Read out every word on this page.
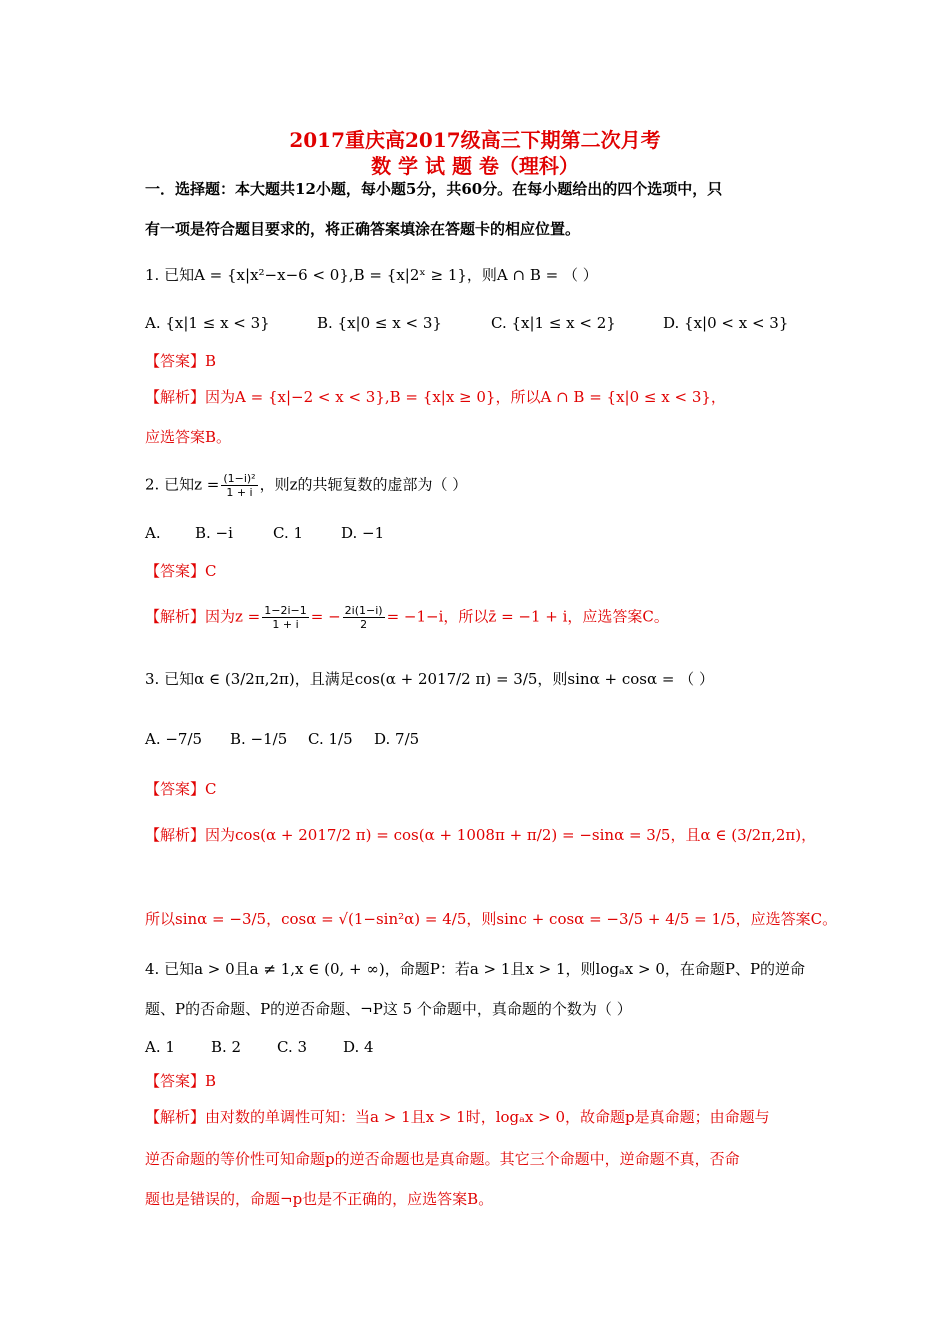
2017重庆高2017级高三下期第二次月考
数 学 试 题 卷（理科）
一．选择题：本大题共12小题，每小题5分，共60分。在每小题给出的四个选项中，只
有一项是符合题目要求的，将正确答案填涂在答题卡的相应位置。
1. 已知A = {x|x²−x−6 < 0},B = {x|2ˣ ≥ 1}，则A ∩ B = （ ）
A. {x|1 ≤ x < 3}	B. {x|0 ≤ x < 3}	C. {x|1 ≤ x < 2}	D. {x|0 < x < 3}
【答案】B
【解析】因为A = {x|−2 < x < 3},B = {x|x ≥ 0}，所以A ∩ B = {x|0 ≤ x < 3}，
应选答案B。
2. 已知$z = \frac{\text{(1−i)²}}{1 + i}$ ，则z的共轭复数的虚部为（ ）
A. B. −i	C. 1	D. −1
【答案】C
【解析】因为$z = \frac{1-2i-1}{1 + i}$ = − $\frac{2i(1-i)}{2} = -1-i$，所以z̄ = −1 + i，应选答案C。
3. 已知α ∈ (3/2π,2π)，且满足cos(α + 2017/2 π) = 3/5，则sinα + cosα = （ ）
A. −7/5 B. −1/5 C. 1/5 D. 7/5
【答案】C
【解析】因为cos(α + 2017/2 π) = cos(α + 1008π + π/2) = −sinα = 3/5，且α ∈ (3/2π,2π)，
所以sinα = −3/5，cosα = √(1−sin²α) = 4/5，则sinc + cosα = −3/5 + 4/5 = 1/5，应选答案C。
4. 已知a > 0且a ≠ 1,x ∈ (0, + ∞)，命题P：若a > 1且x > 1，则logₐx > 0，在命题P、P的逆命
题、P的否命题、P的逆否命题、¬P这 5 个命题中，真命题的个数为（ ）
A. 1 B. 2 C. 3 D. 4
【答案】B
【解析】由对数的单调性可知：当a > 1且x > 1时，logₐx > 0，故命题p是真命题；由命题与
逆否命题的等价性可知命题p的逆否命题也是真命题。其它三个命题中，逆命题不真，否命
题也是错误的，命题¬p也是不正确的，应选答案B。
